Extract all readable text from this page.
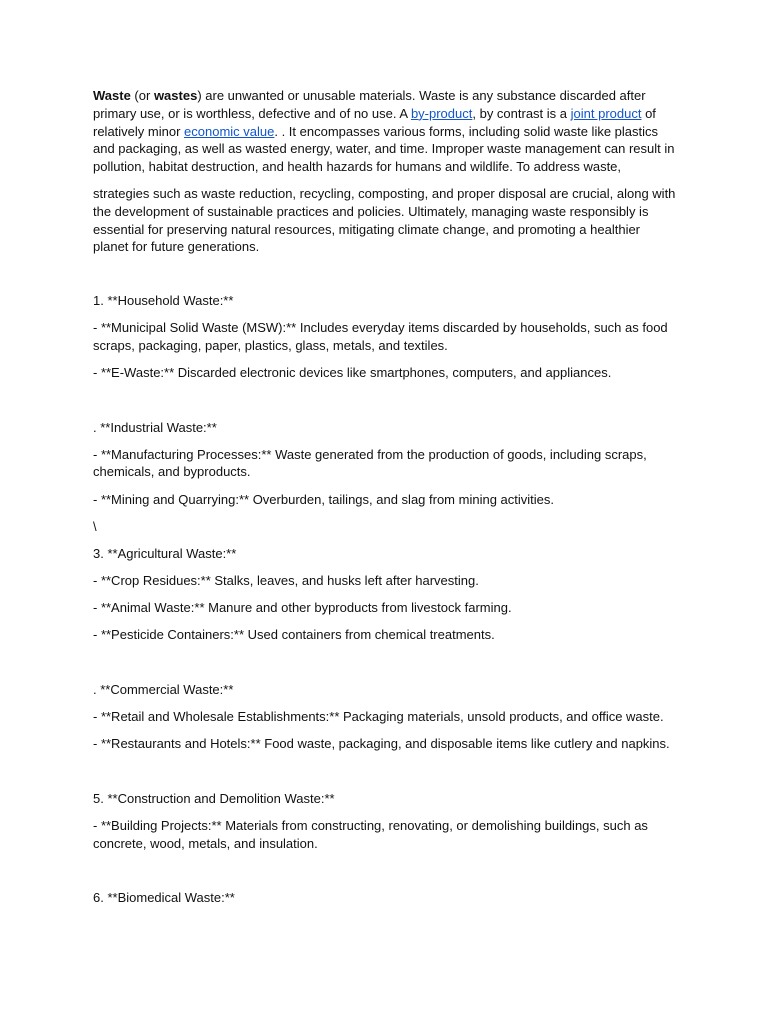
Waste (or wastes) are unwanted or unusable materials. Waste is any substance discarded after primary use, or is worthless, defective and of no use. A by-product, by contrast is a joint product of relatively minor economic value. . It encompasses various forms, including solid waste like plastics and packaging, as well as wasted energy, water, and time. Improper waste management can result in pollution, habitat destruction, and health hazards for humans and wildlife. To address waste,

strategies such as waste reduction, recycling, composting, and proper disposal are crucial, along with the development of sustainable practices and policies. Ultimately, managing waste responsibly is essential for preserving natural resources, mitigating climate change, and promoting a healthier planet for future generations.

1. **Household Waste:**

- **Municipal Solid Waste (MSW):** Includes everyday items discarded by households, such as food scraps, packaging, paper, plastics, glass, metals, and textiles.

- **E-Waste:** Discarded electronic devices like smartphones, computers, and appliances.

. **Industrial Waste:**

- **Manufacturing Processes:** Waste generated from the production of goods, including scraps, chemicals, and byproducts.

- **Mining and Quarrying:** Overburden, tailings, and slag from mining activities.

\

3. **Agricultural Waste:**

- **Crop Residues:** Stalks, leaves, and husks left after harvesting.

- **Animal Waste:** Manure and other byproducts from livestock farming.

- **Pesticide Containers:** Used containers from chemical treatments.

. **Commercial Waste:**

- **Retail and Wholesale Establishments:** Packaging materials, unsold products, and office waste.

- **Restaurants and Hotels:** Food waste, packaging, and disposable items like cutlery and napkins.

5. **Construction and Demolition Waste:**

- **Building Projects:** Materials from constructing, renovating, or demolishing buildings, such as concrete, wood, metals, and insulation.

6. **Biomedical Waste:**
